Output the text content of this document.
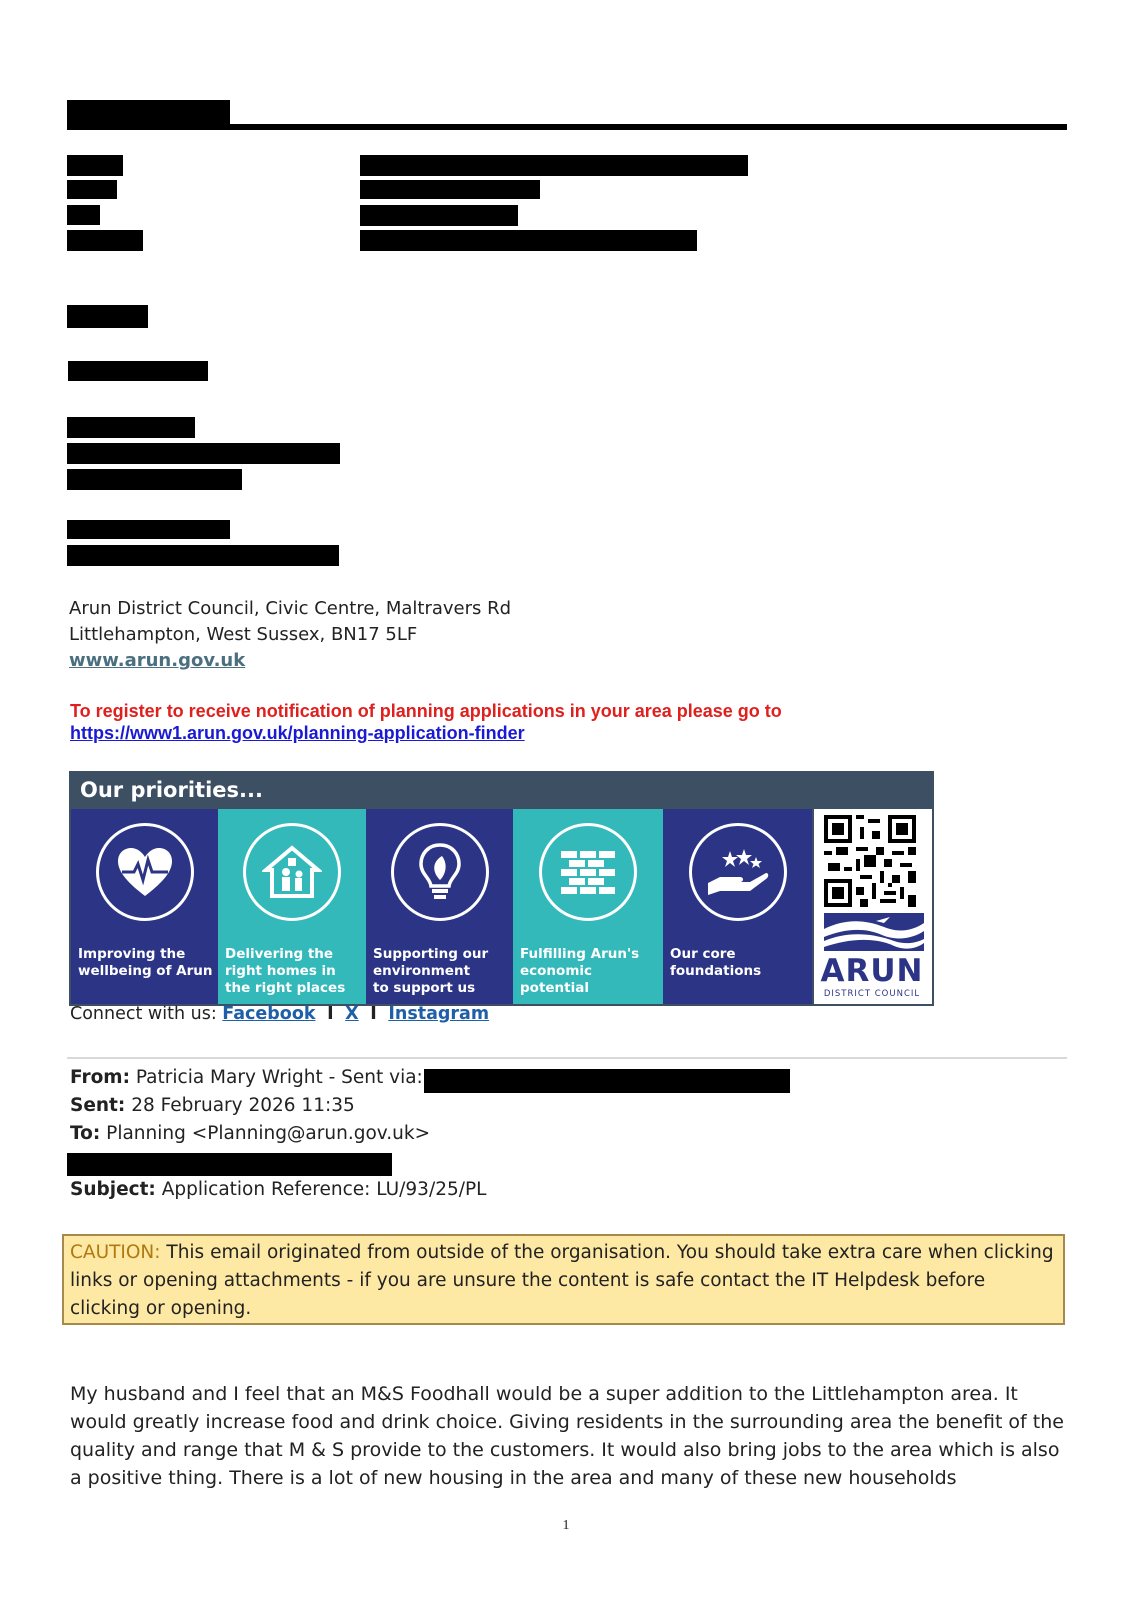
Arun District Council, Civic Centre, Maltravers Rd
Littlehampton, West Sussex, BN17 5LF
www.arun.gov.uk
To register to receive notification of planning applications in your area please go to
https://www1.arun.gov.uk/planning-application-finder
Our priorities...
Improving the
wellbeing of Arun
Delivering the
right homes in
the right places
Supporting our
environment
to support us
Fulfilling Arun's
economic
potential
Our core
foundations ARUN
DISTRICT COUNCIL
Connect with us: Facebook I X I Instagram
From: Patricia Mary Wright - Sent via:
Sent: 28 February 2026 11:35
To: Planning <Planning@arun.gov.uk>
Subject: Application Reference: LU/93/25/PL
CAUTION: This email originated from outside of the organisation. You should take extra care when clicking links or opening attachments - if you are unsure the content is safe contact the IT Helpdesk before clicking or opening.
My husband and I feel that an M&S Foodhall would be a super addition to the Littlehampton area. It would greatly increase food and drink choice. Giving residents in the surrounding area the benefit of the quality and range that M & S provide to the customers. It would also bring jobs to the area which is also a positive thing. There is a lot of new housing in the area and many of these new households
1
